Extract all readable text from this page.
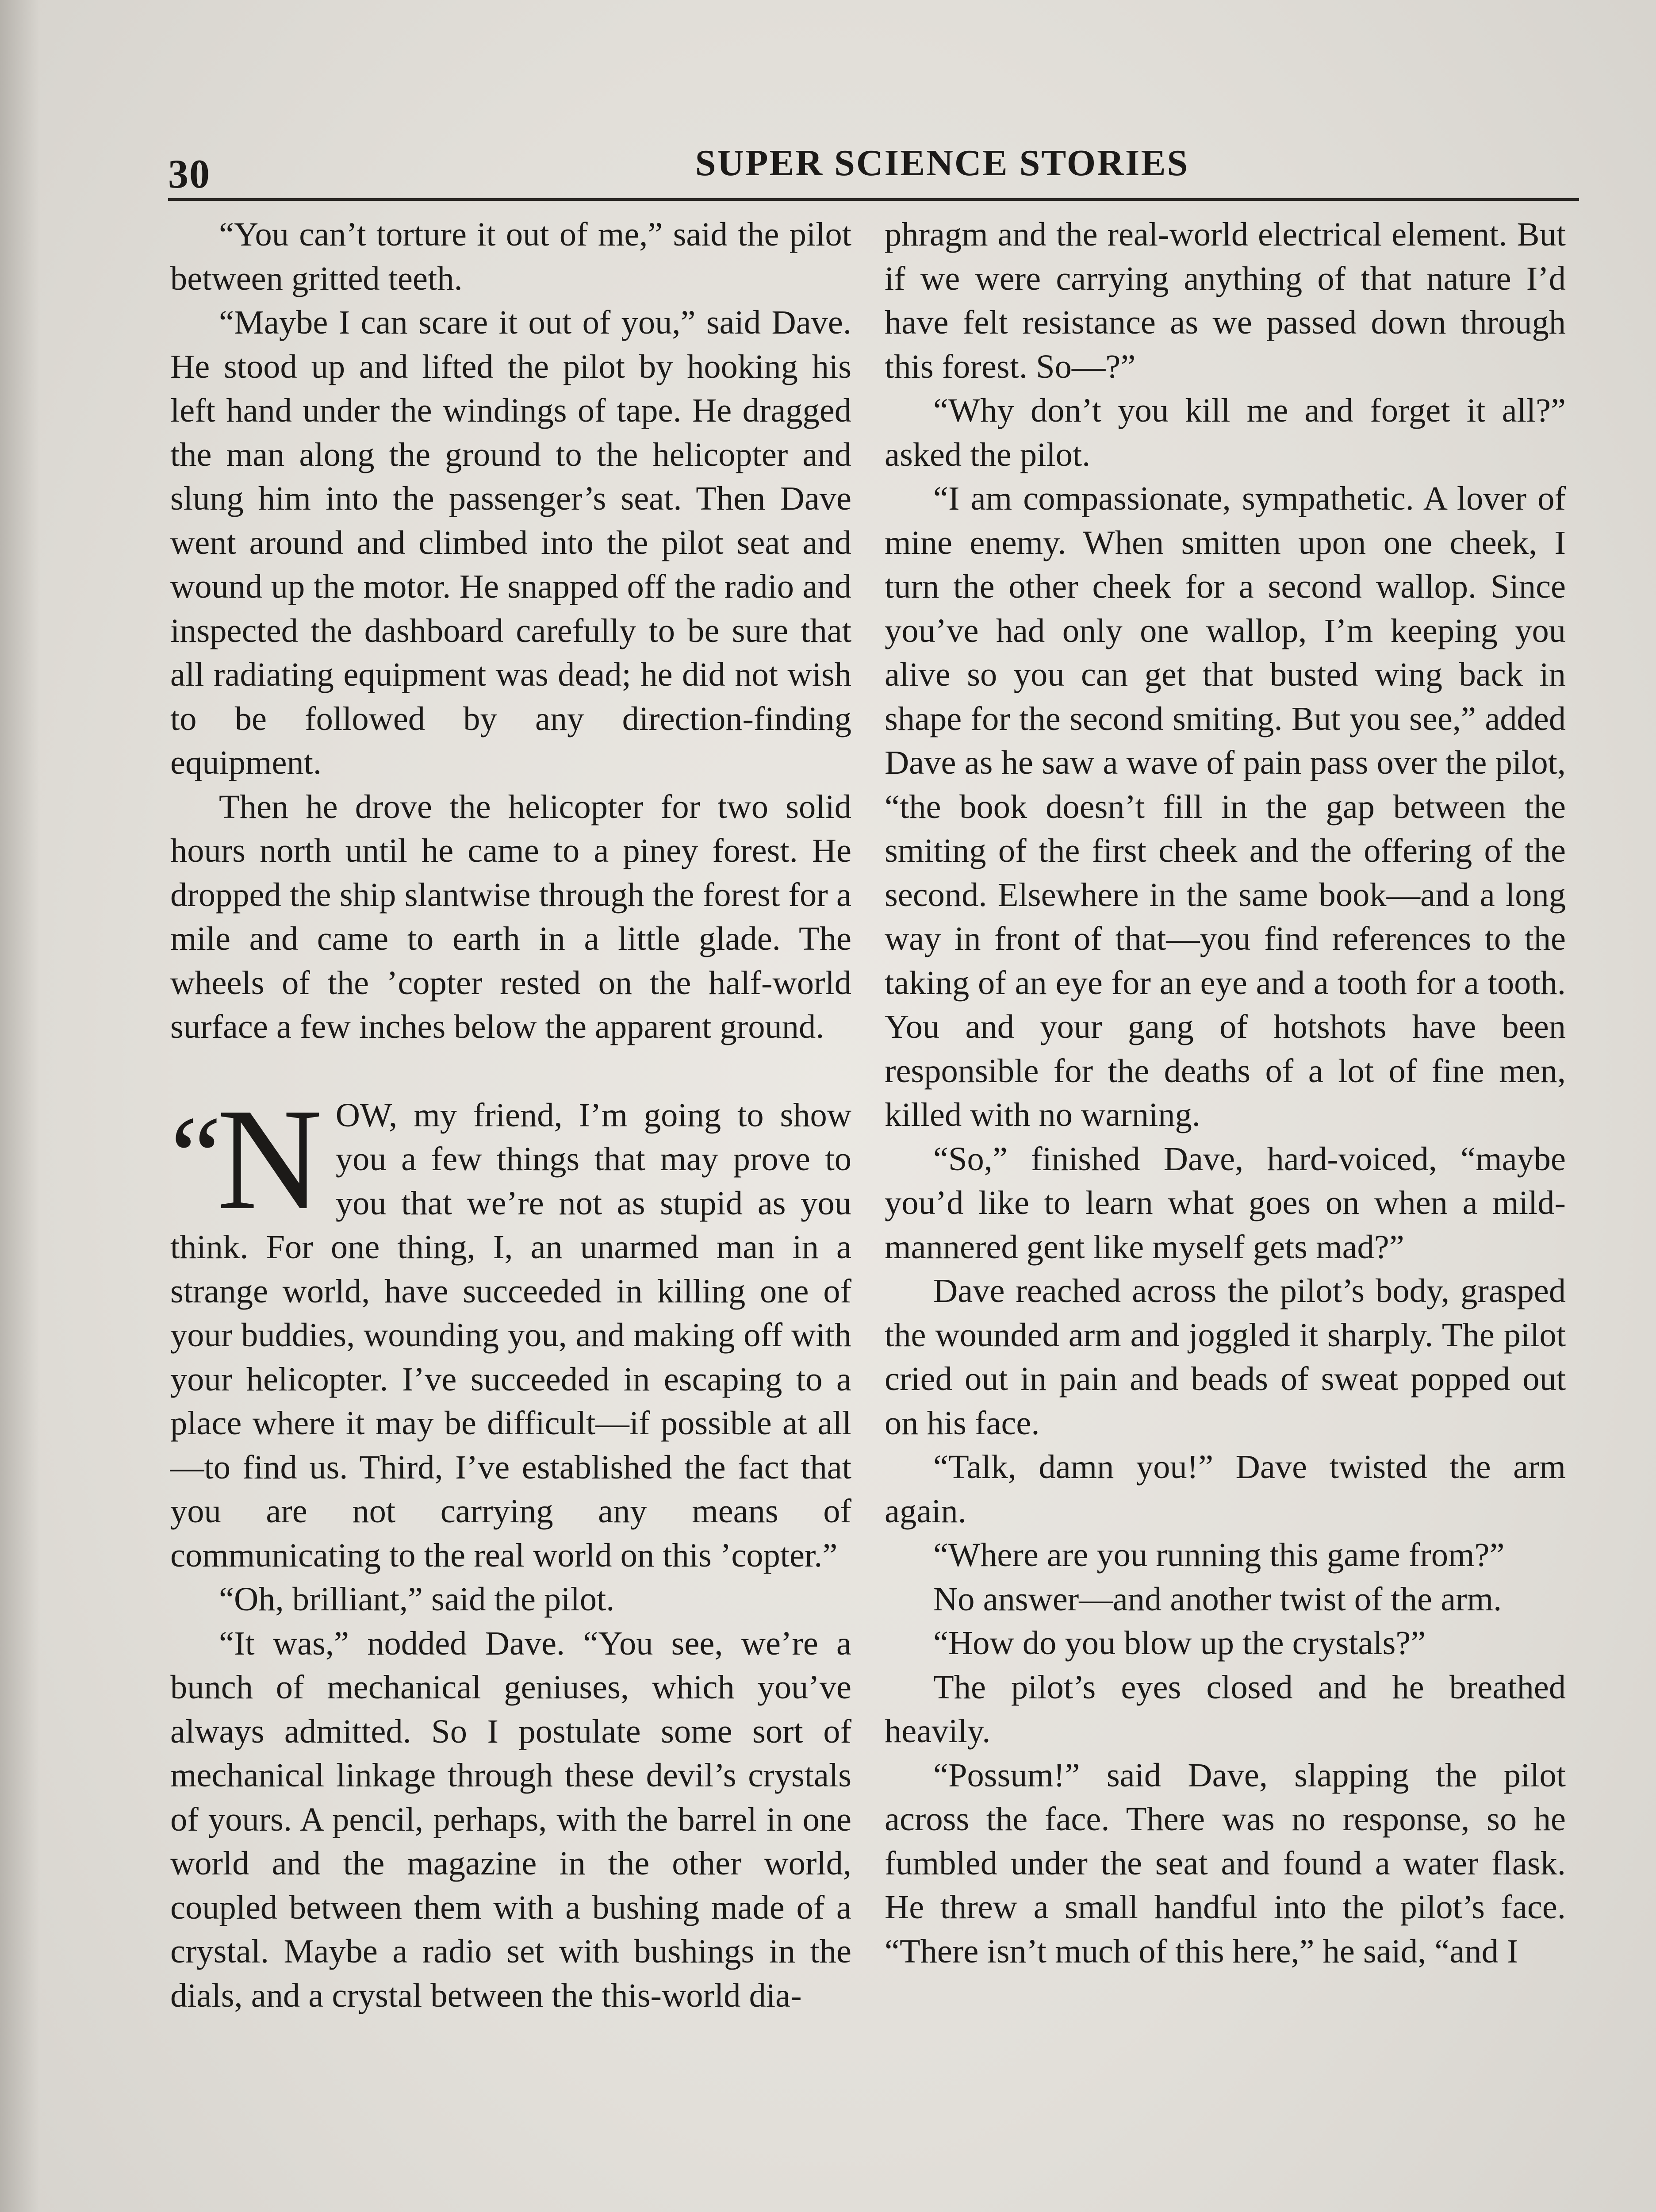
30	SUPER SCIENCE STORIES

“You can’t torture it out of me,” said the pilot between gritted teeth.

“Maybe I can scare it out of you,” said Dave. He stood up and lifted the pilot by hooking his left hand under the windings of tape. He dragged the man along the ground to the helicopter and slung him into the passenger’s seat. Then Dave went around and climbed into the pilot seat and wound up the motor. He snapped off the radio and inspected the dashboard carefully to be sure that all radiating equipment was dead; he did not wish to be followed by any direction-finding equipment.

Then he drove the helicopter for two solid hours north until he came to a piney forest. He dropped the ship slantwise through the forest for a mile and came to earth in a little glade. The wheels of the ’copter rested on the half-world surface a few inches below the apparent ground.

“N OW, my friend, I’m going to show you a few things that may prove to you that we’re not as stupid as you think. For one thing, I, an unarmed man in a strange world, have succeeded in killing one of your buddies, wounding you, and making off with your helicopter. I’ve succeeded in escaping to a place where it may be difficult—if possible at all—to find us. Third, I’ve established the fact that you are not carrying any means of communicating to the real world on this ’copter.”

“Oh, brilliant,” said the pilot.

“It was,” nodded Dave. “You see, we’re a bunch of mechanical geniuses, which you’ve always admitted. So I postulate some sort of mechanical linkage through these devil’s crystals of yours. A pencil, perhaps, with the barrel in one world and the magazine in the other world, coupled between them with a bushing made of a crystal. Maybe a radio set with bushings in the dials, and a crystal between the this-world dia-

phragm and the real-world electrical element. But if we were carrying anything of that nature I’d have felt resistance as we passed down through this forest. So—?”

“Why don’t you kill me and forget it all?” asked the pilot.

“I am compassionate, sympathetic. A lover of mine enemy. When smitten upon one cheek, I turn the other cheek for a second wallop. Since you’ve had only one wallop, I’m keeping you alive so you can get that busted wing back in shape for the second smiting. But you see,” added Dave as he saw a wave of pain pass over the pilot, “the book doesn’t fill in the gap between the smiting of the first cheek and the offering of the second. Elsewhere in the same book—and a long way in front of that—you find references to the taking of an eye for an eye and a tooth for a tooth. You and your gang of hotshots have been responsible for the deaths of a lot of fine men, killed with no warning.

“So,” finished Dave, hard-voiced, “maybe you’d like to learn what goes on when a mild-mannered gent like myself gets mad?”

Dave reached across the pilot’s body, grasped the wounded arm and joggled it sharply. The pilot cried out in pain and beads of sweat popped out on his face.

“Talk, damn you!” Dave twisted the arm again.

“Where are you running this game from?”

No answer—and another twist of the arm.

“How do you blow up the crystals?”

The pilot’s eyes closed and he breathed heavily.

“Possum!” said Dave, slapping the pilot across the face. There was no response, so he fumbled under the seat and found a water flask. He threw a small handful into the pilot’s face. “There isn’t much of this here,” he said, “and I
